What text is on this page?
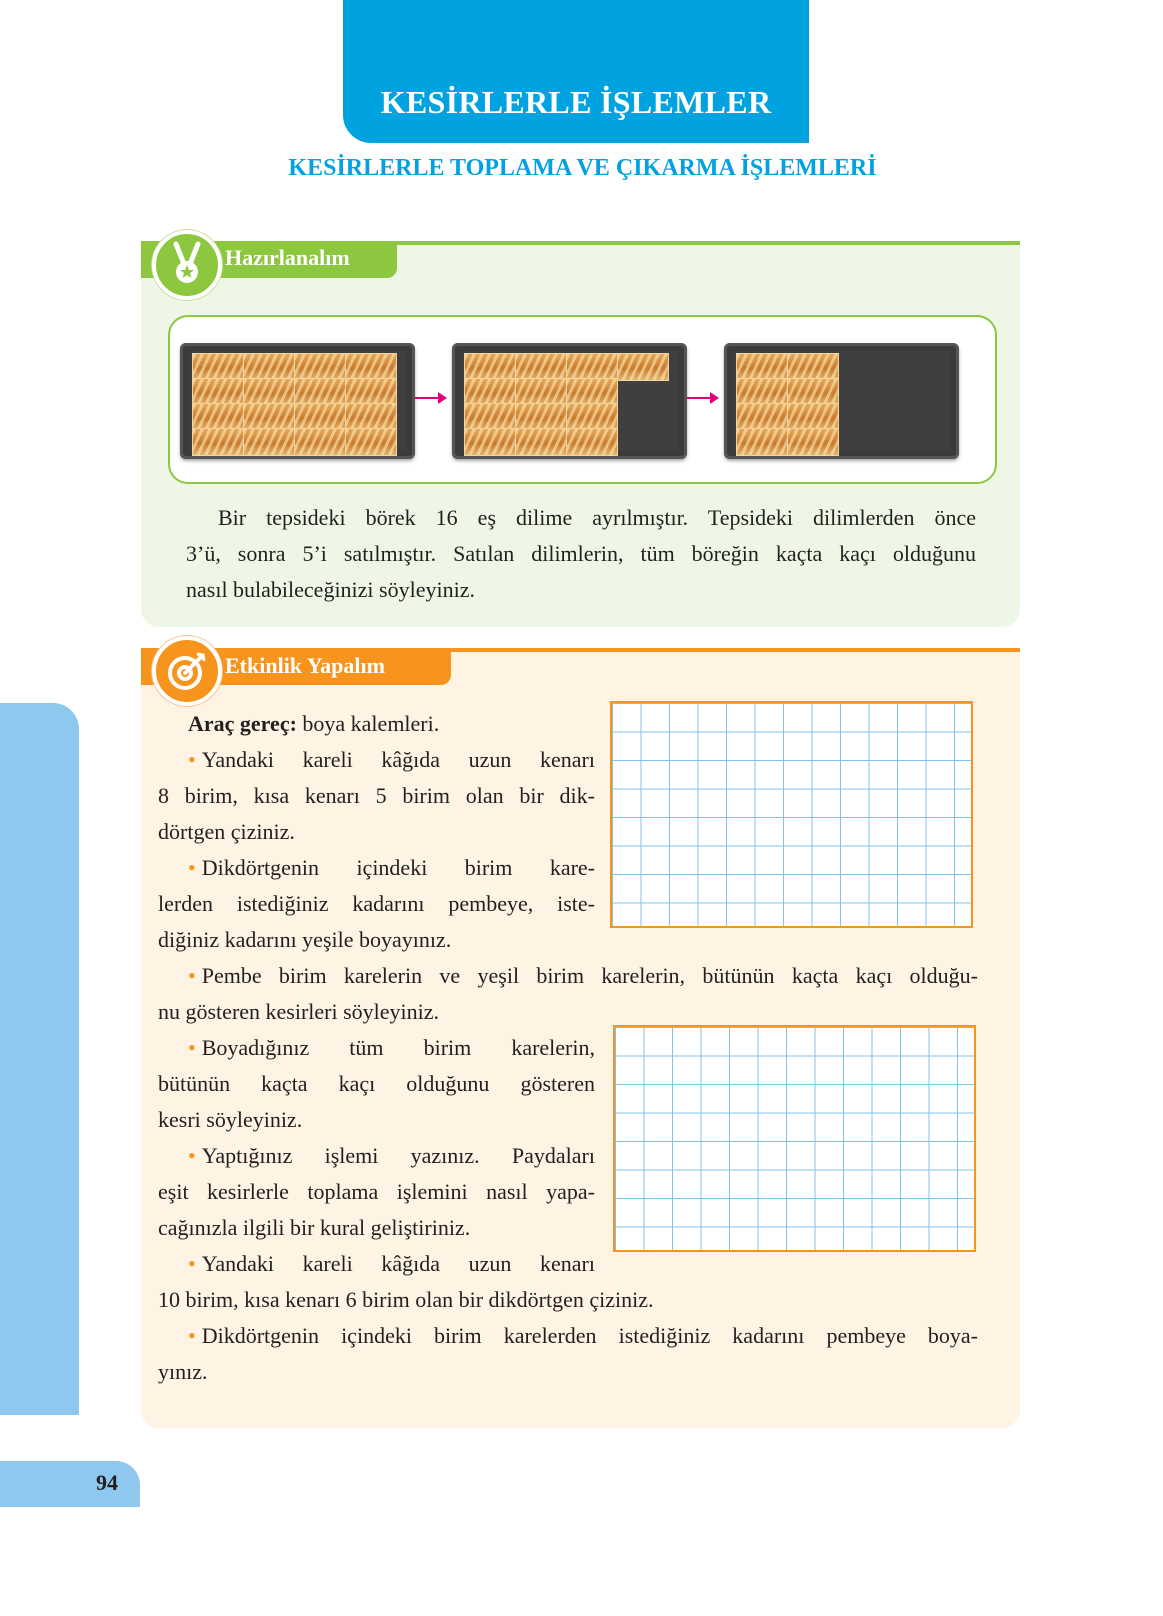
KESİRLERLE İŞLEMLER
KESİRLERLE TOPLAMA VE ÇIKARMA İŞLEMLERİ
Hazırlanalım
Bir tepsideki börek 16 eş dilime ayrılmıştır. Tepsideki dilimlerden önce
3’ü, sonra 5’i satılmıştır. Satılan dilimlerin, tüm böreğin kaçta kaçı olduğunu
nasıl bulabileceğinizi söyleyiniz.
Etkinlik Yapalım
Araç gereç: boya kalemleri.
• Yandaki kareli kâğıda uzun kenarı
8 birim, kısa kenarı 5 birim olan bir dik-
dörtgen çiziniz.
• Dikdörtgenin içindeki birim kare-
lerden istediğiniz kadarını pembeye, iste-
diğiniz kadarını yeşile boyayınız.
• Pembe birim karelerin ve yeşil birim karelerin, bütünün kaçta kaçı olduğu-
nu gösteren kesirleri söyleyiniz.
• Boyadığınız tüm birim karelerin,
bütünün kaçta kaçı olduğunu gösteren
kesri söyleyiniz.
• Yaptığınız işlemi yazınız. Paydaları
eşit kesirlerle toplama işlemini nasıl yapa-
cağınızla ilgili bir kural geliştiriniz.
• Yandaki kareli kâğıda uzun kenarı
10 birim, kısa kenarı 6 birim olan bir dikdörtgen çiziniz.
• Dikdörtgenin içindeki birim karelerden istediğiniz kadarını pembeye boya-
yınız.
94
